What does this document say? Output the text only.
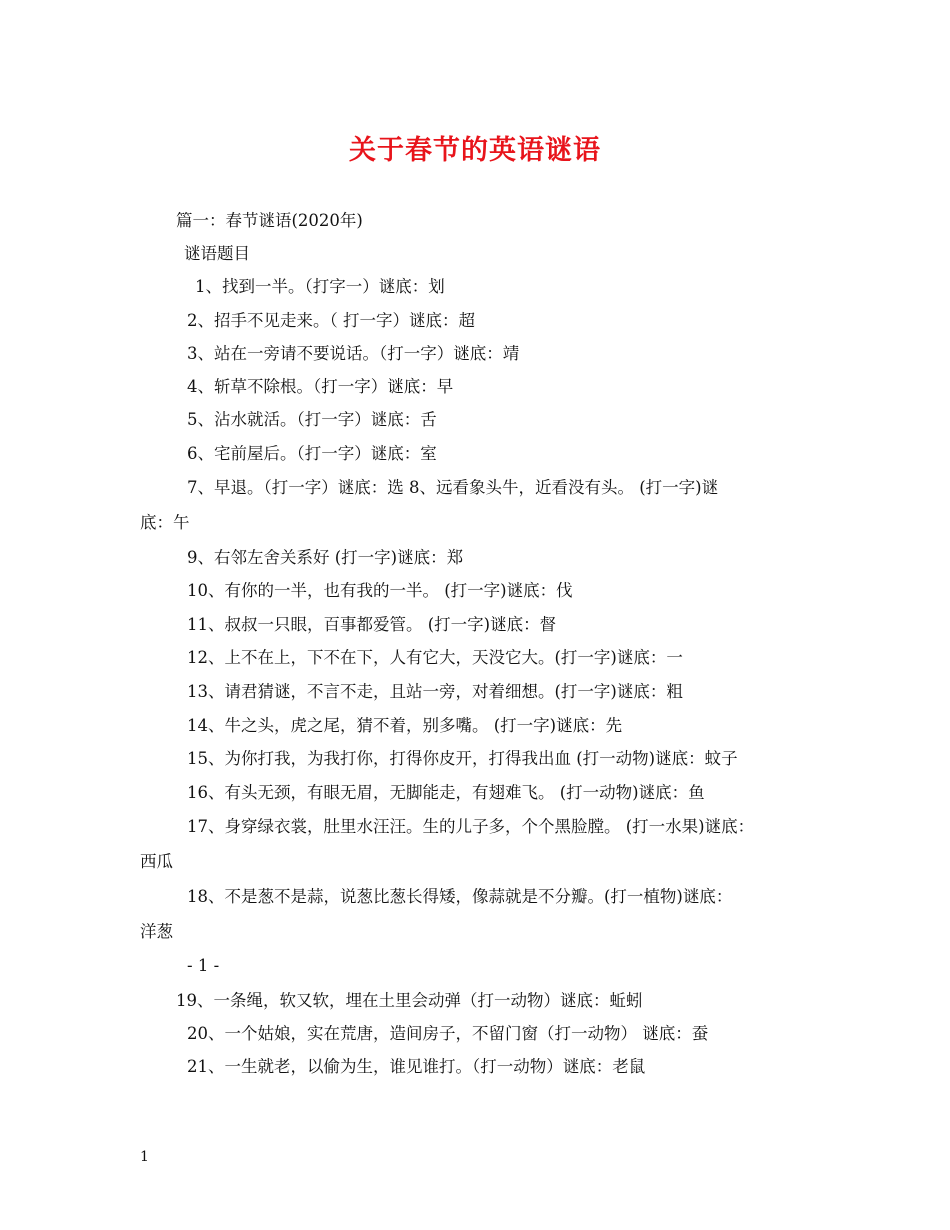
关于春节的英语谜语
篇一：春节谜语(2020年)
谜语题目
1、找到一半。（打字一）谜底：划
2、招手不见走来。（ 打一字）谜底：超
3、站在一旁请不要说话。（打一字）谜底：靖
4、斩草不除根。（打一字）谜底：早
5、沾水就活。（打一字）谜底：舌
6、宅前屋后。（打一字）谜底：室
7、早退。（打一字）谜底：选 8、远看象头牛，近看没有头。 (打一字)谜
底：午
9、右邻左舍关系好 (打一字)谜底：郑
10、有你的一半，也有我的一半。 (打一字)谜底：伐
11、叔叔一只眼，百事都爱管。 (打一字)谜底：督
12、上不在上，下不在下，人有它大，天没它大。(打一字)谜底：一
13、请君猜谜，不言不走，且站一旁，对着细想。(打一字)谜底：粗
14、牛之头，虎之尾，猜不着，别多嘴。 (打一字)谜底：先
15、为你打我，为我打你，打得你皮开，打得我出血 (打一动物)谜底：蚊子
16、有头无颈，有眼无眉，无脚能走，有翅难飞。 (打一动物)谜底：鱼
17、身穿绿衣裳，肚里水汪汪。生的儿子多，个个黑脸膛。 (打一水果)谜底：
西瓜
18、不是葱不是蒜，说葱比葱长得矮，像蒜就是不分瓣。(打一植物)谜底：
洋葱
- 1 -
19、一条绳，软又软，埋在土里会动弹（打一动物）谜底：蚯蚓
20、一个姑娘，实在荒唐，造间房子，不留门窗（打一动物） 谜底：蚕
21、一生就老，以偷为生，谁见谁打。（打一动物）谜底：老鼠
1
